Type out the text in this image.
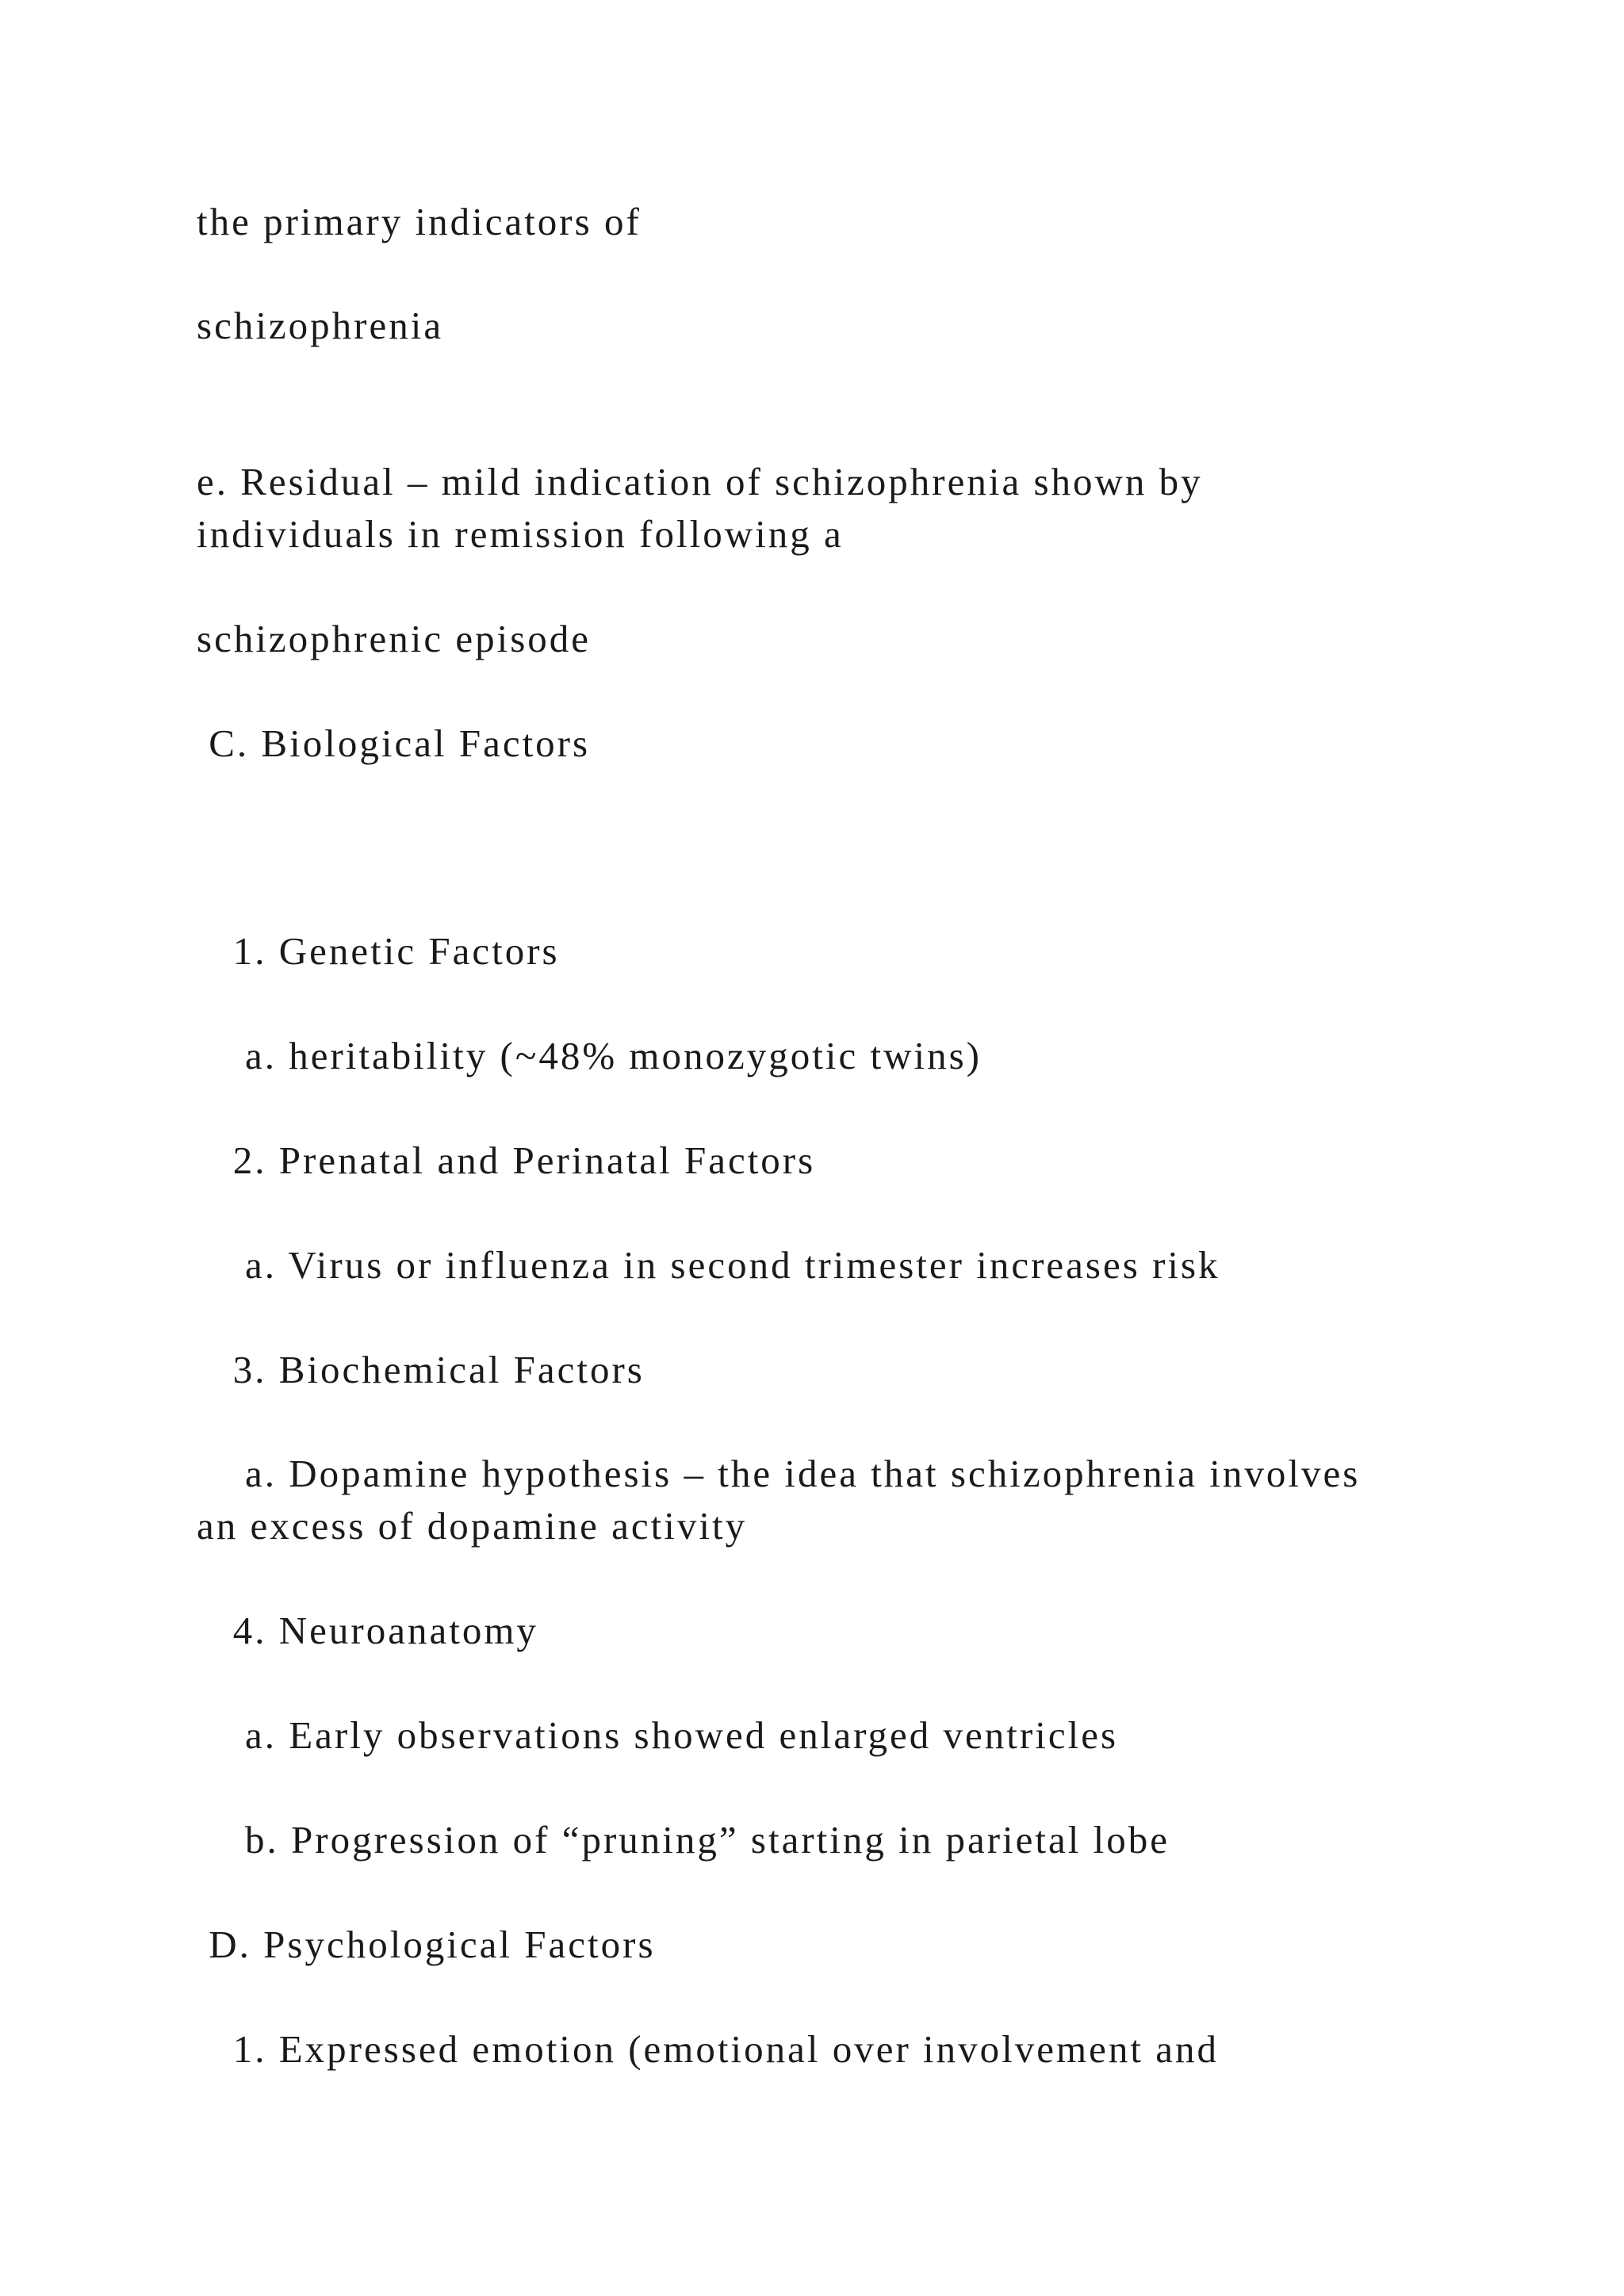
the primary indicators of

schizophrenia

e. Residual – mild indication of schizophrenia shown by

individuals in remission following a

schizophrenic episode

C. Biological Factors

1. Genetic Factors

a. heritability (~48% monozygotic twins)

2. Prenatal and Perinatal Factors

a. Virus or influenza in second trimester increases risk

3. Biochemical Factors

a. Dopamine hypothesis – the idea that schizophrenia involves

an excess of dopamine activity

4. Neuroanatomy

a. Early observations showed enlarged ventricles

b. Progression of “pruning” starting in parietal lobe

D. Psychological Factors

1. Expressed emotion (emotional over involvement and
